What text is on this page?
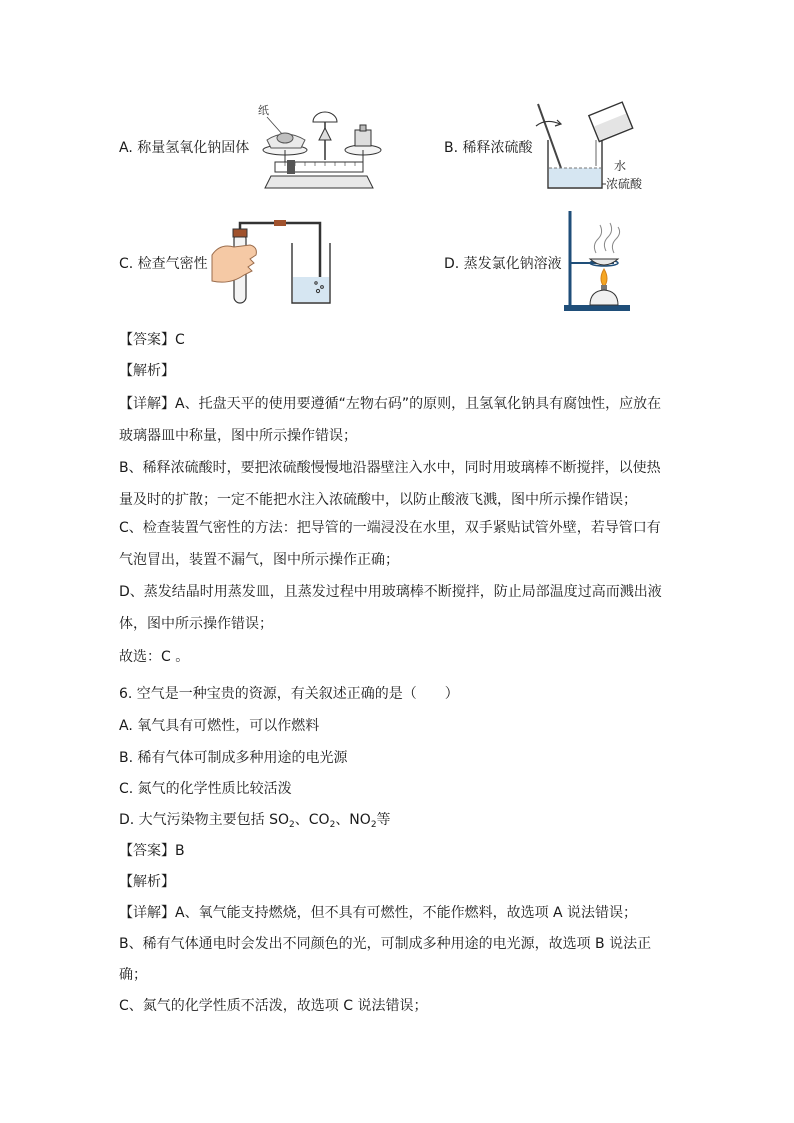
A. 称量氢氧化钠固体
纸
B. 稀释浓硫酸
水
浓硫酸
C. 检查气密性	D. 蒸发氯化钠溶液
【答案】C
【解析】
【详解】A、托盘天平的使用要遵循“左物右码”的原则，且氢氧化钠具有腐蚀性，应放在
玻璃器皿中称量，图中所示操作错误；
B、稀释浓硫酸时，要把浓硫酸慢慢地沿器壁注入水中，同时用玻璃棒不断搅拌，以使热
量及时的扩散；一定不能把水注入浓硫酸中，以防止酸液飞溅，图中所示操作错误；
C、检查装置气密性的方法：把导管的一端浸没在水里，双手紧贴试管外壁，若导管口有
气泡冒出，装置不漏气，图中所示操作正确；
D、蒸发结晶时用蒸发皿，且蒸发过程中用玻璃棒不断搅拌，防止局部温度过高而溅出液
体，图中所示操作错误；
故选：C 。
6. 空气是一种宝贵的资源，有关叙述正确的是（　　）
A. 氧气具有可燃性，可以作燃料
B. 稀有气体可制成多种用途的电光源
C. 氮气的化学性质比较活泼
D. 大气污染物主要包括 $SO_2$、$CO_2$、$NO_2$等
【答案】B
【解析】
【详解】A、氧气能支持燃烧，但不具有可燃性，不能作燃料，故选项 A 说法错误；
B、稀有气体通电时会发出不同颜色的光，可制成多种用途的电光源，故选项 B 说法正
确；
C、氮气的化学性质不活泼，故选项 C 说法错误；
